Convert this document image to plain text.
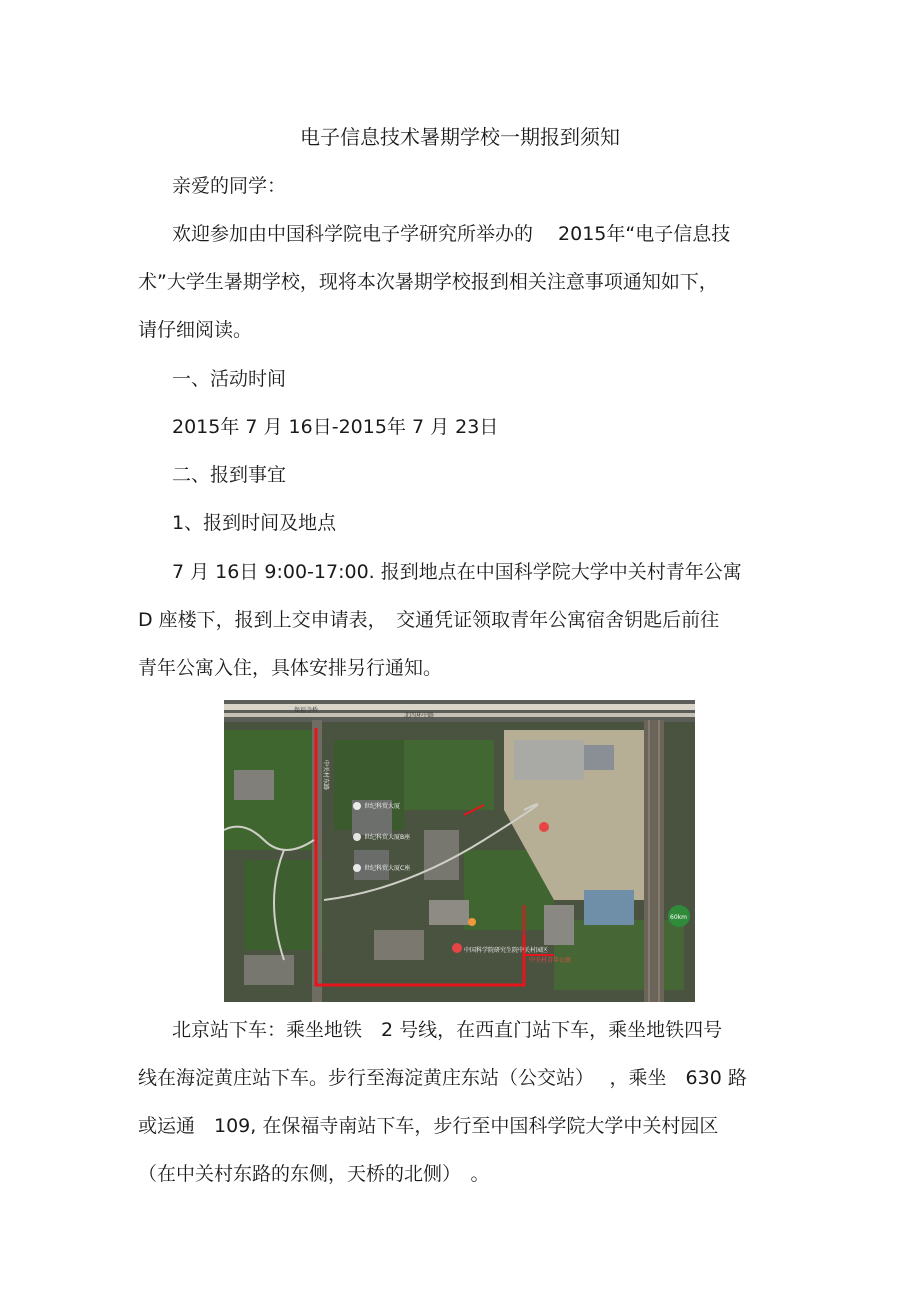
电子信息技术暑期学校一期报到须知
亲爱的同学：
欢迎参加由中国科学院电子学研究所举办的　 2015年“电子信息技
术”大学生暑期学校，现将本次暑期学校报到相关注意事项通知如下，
请仔细阅读。
一、活动时间
2015年 7 月 16日-2015年 7 月 23日
二、报到事宜
1、报到时间及地点
7 月 16日 9:00-17:00. 报到地点在中国科学院大学中关村青年公寓
D 座楼下，报到上交申请表，　交通凭证领取青年公寓宿舍钥匙后前往
青年公寓入住，具体安排另行通知。
60km
保福寺桥
北四环中路
中关村东路
世纪科贸大厦
世纪科贸大厦B座
世纪科贸大厦C座
中国科学院研究生院中关村园区
中关村青年公寓
北京站下车：乘坐地铁　2 号线，在西直门站下车，乘坐地铁四号
线在海淀黄庄站下车。步行至海淀黄庄东站（公交站）　 ，乘坐　630 路
或运通　109, 在保福寺南站下车，步行至中国科学院大学中关村园区
（在中关村东路的东侧，天桥的北侧）　。
